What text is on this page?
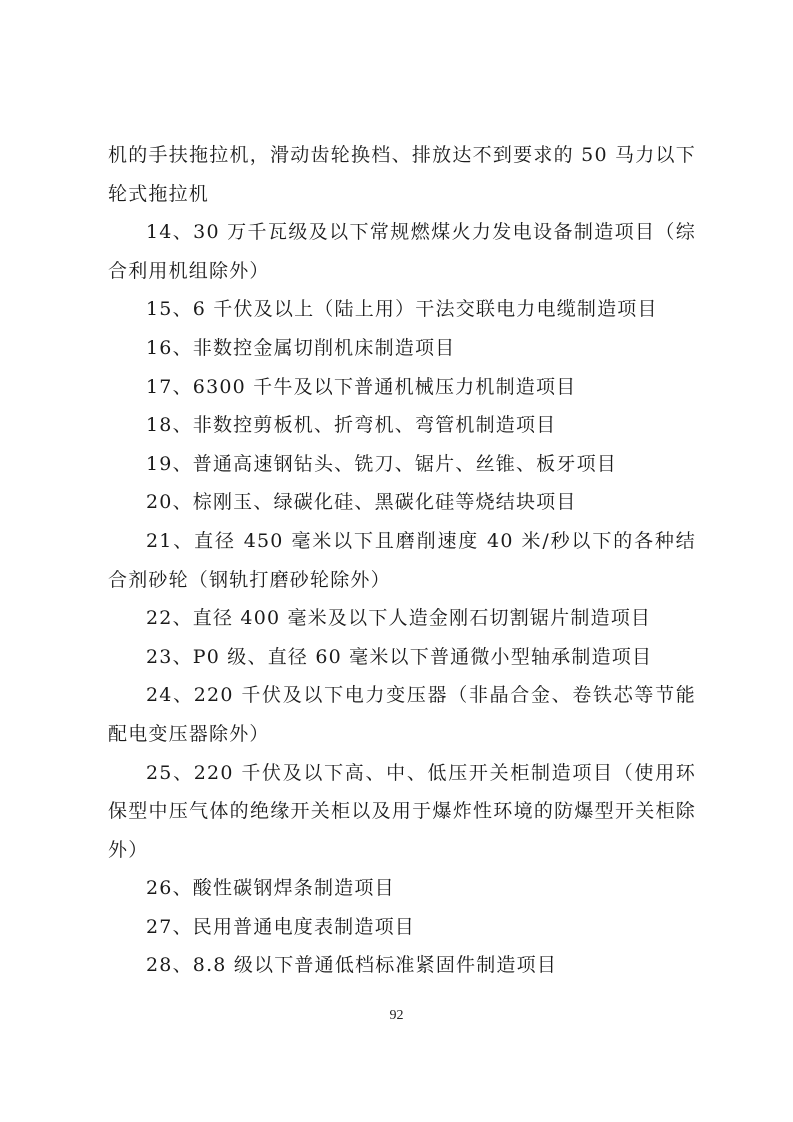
机的手扶拖拉机，滑动齿轮换档、排放达不到要求的 50 马力以下轮式拖拉机

14、30 万千瓦级及以下常规燃煤火力发电设备制造项目（综合利用机组除外）

15、6 千伏及以上（陆上用）干法交联电力电缆制造项目

16、非数控金属切削机床制造项目

17、6300 千牛及以下普通机械压力机制造项目

18、非数控剪板机、折弯机、弯管机制造项目

19、普通高速钢钻头、铣刀、锯片、丝锥、板牙项目

20、棕刚玉、绿碳化硅、黑碳化硅等烧结块项目

21、直径 450 毫米以下且磨削速度 40 米/秒以下的各种结合剂砂轮（钢轨打磨砂轮除外）

22、直径 400 毫米及以下人造金刚石切割锯片制造项目

23、P0 级、直径 60 毫米以下普通微小型轴承制造项目

24、220 千伏及以下电力变压器（非晶合金、卷铁芯等节能配电变压器除外）

25、220 千伏及以下高、中、低压开关柜制造项目（使用环保型中压气体的绝缘开关柜以及用于爆炸性环境的防爆型开关柜除外）

26、酸性碳钢焊条制造项目

27、民用普通电度表制造项目

28、8.8 级以下普通低档标准紧固件制造项目

92
